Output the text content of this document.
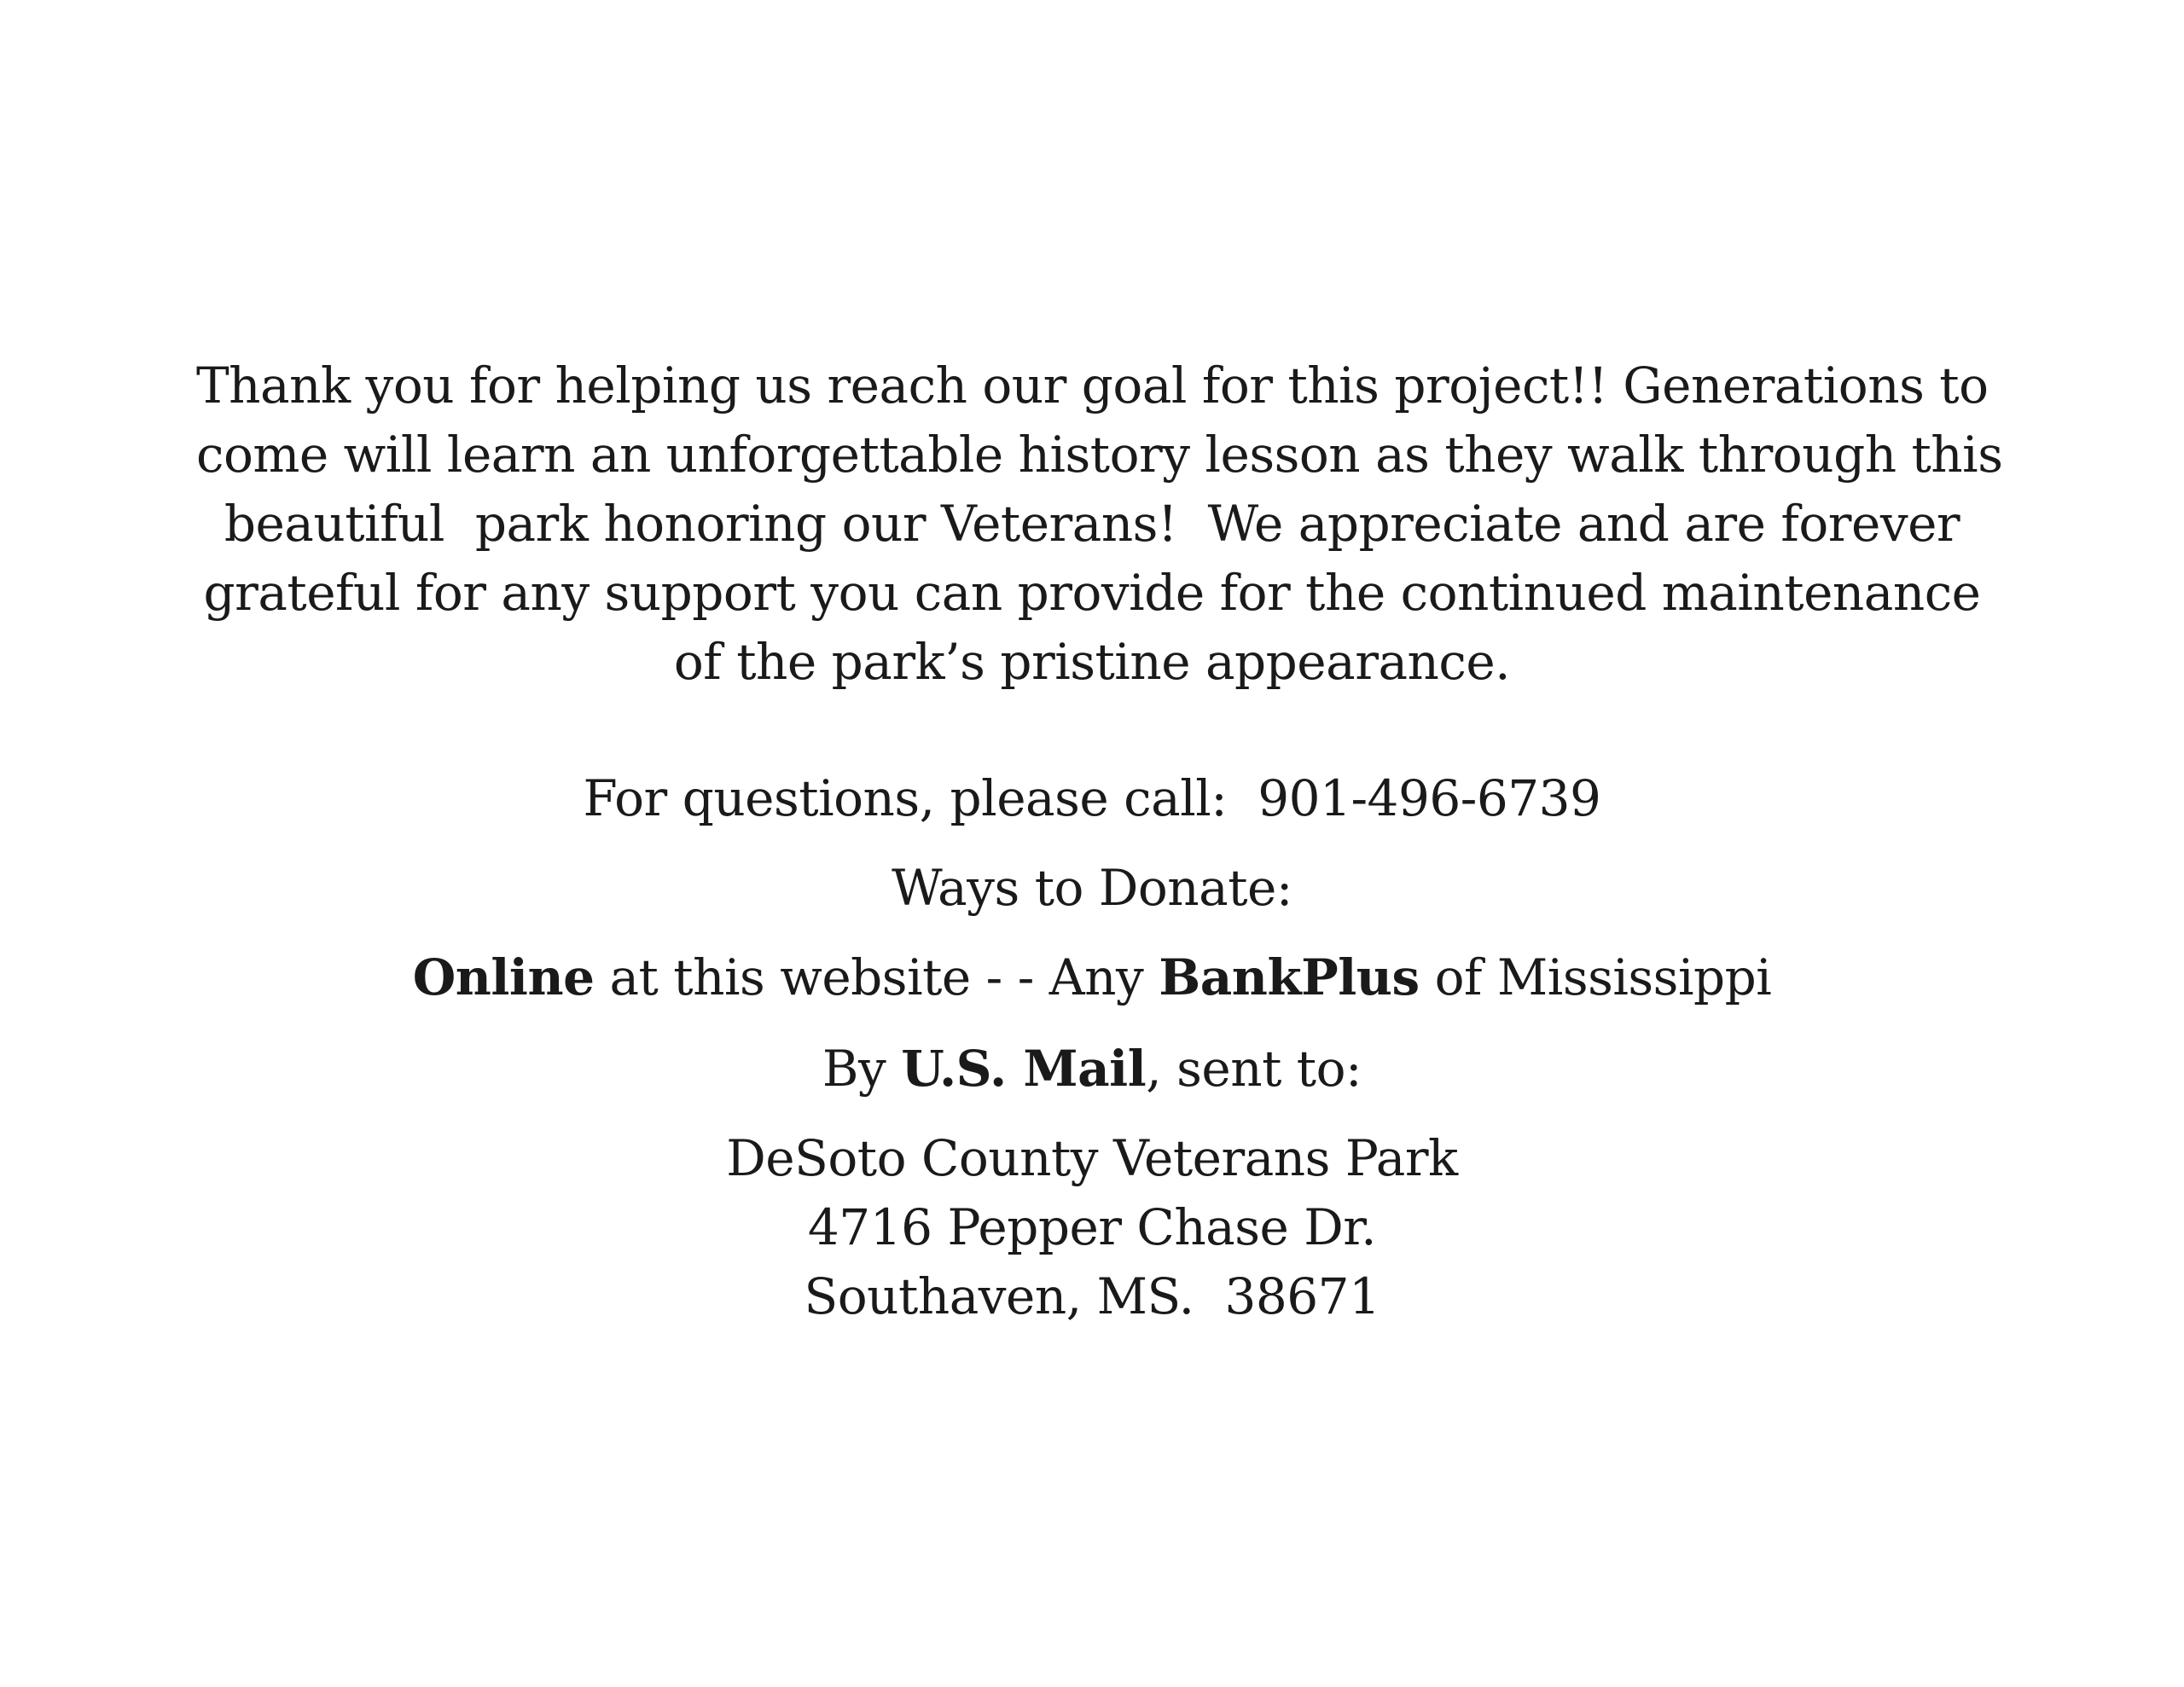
Thank you for helping us reach our goal for this project!! Generations to
come will learn an unforgettable history lesson as they walk through this
beautiful  park honoring our Veterans!  We appreciate and are forever
grateful for any support you can provide for the continued maintenance
of the park’s pristine appearance.

For questions, please call: 901-496-6739

Ways to Donate:

Online at this website - - Any BankPlus of Mississippi

By U.S. Mail, sent to:

DeSoto County Veterans Park

4716 Pepper Chase Dr.

Southaven, MS.  38671
